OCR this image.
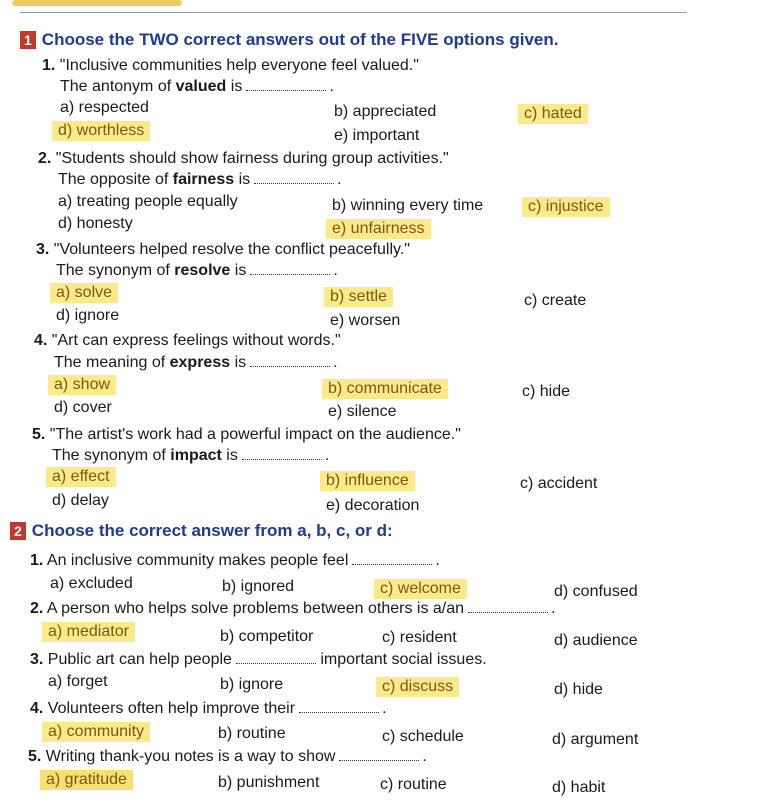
1 Choose the TWO correct answers out of the FIVE options given.
1. "Inclusive communities help everyone feel valued."
The antonym of valued is	.
a) respected	b) appreciated	c) hated
d) worthless	e) important
2. "Students should show fairness during group activities."
The opposite of fairness is	.
a) treating people equally	b) winning every time	c) injustice
d) honesty	e) unfairness
3. "Volunteers helped resolve the conflict peacefully."
The synonym of resolve is	.
a) solve	b) settle	c) create
d) ignore	e) worsen
4. "Art can express feelings without words."
The meaning of express is	.
a) show	b) communicate	c) hide
d) cover	e) silence
5. "The artist's work had a powerful impact on the audience."
The synonym of impact is	.
a) effect	b) influence	c) accident
d) delay	e) decoration
2 Choose the correct answer from a, b, c, or d:
1. An inclusive community makes people feel	.
a) excluded	b) ignored	c) welcome	d) confused
2. A person who helps solve problems between others is a/an	.
a) mediator	b) competitor	c) resident	d) audience
3. Public art can help people	important social issues.
a) forget	b) ignore	c) discuss	d) hide
4. Volunteers often help improve their	.
a) community	b) routine	c) schedule	d) argument
5. Writing thank-you notes is a way to show	.
a) gratitude	b) punishment	c) routine	d) habit
